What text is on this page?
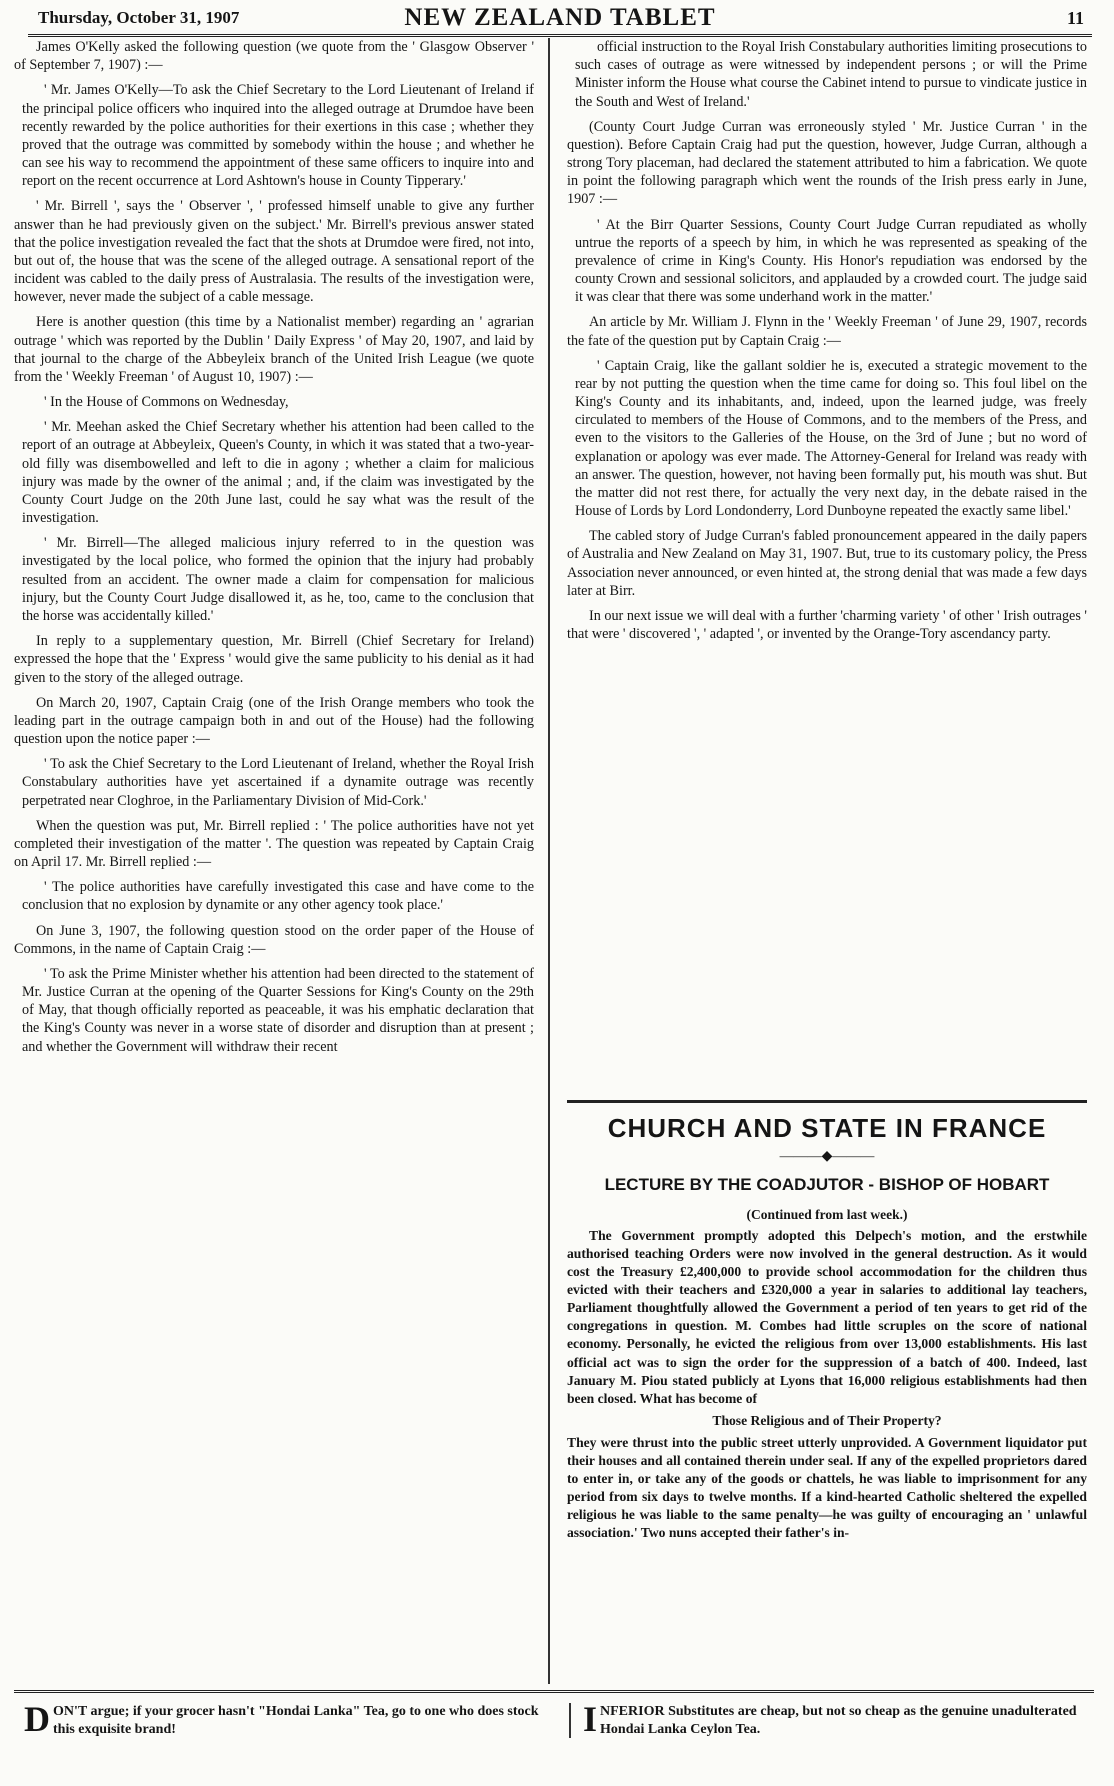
Thursday, October 31, 1907	NEW ZEALAND TABLET	11

James O'Kelly asked the following question (we quote from the ' Glasgow Observer ' of September 7, 1907) :—

' Mr. James O'Kelly—To ask the Chief Secretary to the Lord Lieutenant of Ireland if the principal police officers who inquired into the alleged outrage at Drumdoe have been recently rewarded by the police authorities for their exertions in this case ; whether they proved that the outrage was committed by somebody within the house ; and whether he can see his way to recommend the appointment of these same officers to inquire into and report on the recent occurrence at Lord Ashtown's house in County Tipperary.'

' Mr. Birrell ', says the ' Observer ', ' professed himself unable to give any further answer than he had previously given on the subject.' Mr. Birrell's previous answer stated that the police investigation revealed the fact that the shots at Drumdoe were fired, not into, but out of, the house that was the scene of the alleged outrage. A sensational report of the incident was cabled to the daily press of Australasia. The results of the investigation were, however, never made the subject of a cable message.

Here is another question (this time by a Nationalist member) regarding an ' agrarian outrage ' which was reported by the Dublin ' Daily Express ' of May 20, 1907, and laid by that journal to the charge of the Abbeyleix branch of the United Irish League (we quote from the ' Weekly Freeman ' of August 10, 1907) :—

' In the House of Commons on Wednesday,

' Mr. Meehan asked the Chief Secretary whether his attention had been called to the report of an outrage at Abbeyleix, Queen's County, in which it was stated that a two-year-old filly was disembowelled and left to die in agony ; whether a claim for malicious injury was made by the owner of the animal ; and, if the claim was investigated by the County Court Judge on the 20th June last, could he say what was the result of the investigation.

' Mr. Birrell—The alleged malicious injury referred to in the question was investigated by the local police, who formed the opinion that the injury had probably resulted from an accident. The owner made a claim for compensation for malicious injury, but the County Court Judge disallowed it, as he, too, came to the conclusion that the horse was accidentally killed.'

In reply to a supplementary question, Mr. Birrell (Chief Secretary for Ireland) expressed the hope that the ' Express ' would give the same publicity to his denial as it had given to the story of the alleged outrage.

On March 20, 1907, Captain Craig (one of the Irish Orange members who took the leading part in the outrage campaign both in and out of the House) had the following question upon the notice paper :—

' To ask the Chief Secretary to the Lord Lieutenant of Ireland, whether the Royal Irish Constabulary authorities have yet ascertained if a dynamite outrage was recently perpetrated near Cloghroe, in the Parliamentary Division of Mid-Cork.'

When the question was put, Mr. Birrell replied : ' The police authorities have not yet completed their investigation of the matter '. The question was repeated by Captain Craig on April 17. Mr. Birrell replied :—

' The police authorities have carefully investigated this case and have come to the conclusion that no explosion by dynamite or any other agency took place.'

On June 3, 1907, the following question stood on the order paper of the House of Commons, in the name of Captain Craig :—

' To ask the Prime Minister whether his attention had been directed to the statement of Mr. Justice Curran at the opening of the Quarter Sessions for King's County on the 29th of May, that though officially reported as peaceable, it was his emphatic declaration that the King's County was never in a worse state of disorder and disruption than at present ; and whether the Government will withdraw their recent

official instruction to the Royal Irish Constabulary authorities limiting prosecutions to such cases of outrage as were witnessed by independent persons ; or will the Prime Minister inform the House what course the Cabinet intend to pursue to vindicate justice in the South and West of Ireland.'

(County Court Judge Curran was erroneously styled ' Mr. Justice Curran ' in the question). Before Captain Craig had put the question, however, Judge Curran, although a strong Tory placeman, had declared the statement attributed to him a fabrication. We quote in point the following paragraph which went the rounds of the Irish press early in June, 1907 :—

' At the Birr Quarter Sessions, County Court Judge Curran repudiated as wholly untrue the reports of a speech by him, in which he was represented as speaking of the prevalence of crime in King's County. His Honor's repudiation was endorsed by the county Crown and sessional solicitors, and applauded by a crowded court. The judge said it was clear that there was some underhand work in the matter.'

An article by Mr. William J. Flynn in the ' Weekly Freeman ' of June 29, 1907, records the fate of the question put by Captain Craig :—

' Captain Craig, like the gallant soldier he is, executed a strategic movement to the rear by not putting the question when the time came for doing so. This foul libel on the King's County and its inhabitants, and, indeed, upon the learned judge, was freely circulated to members of the House of Commons, and to the members of the Press, and even to the visitors to the Galleries of the House, on the 3rd of June ; but no word of explanation or apology was ever made. The Attorney-General for Ireland was ready with an answer. The question, however, not having been formally put, his mouth was shut. But the matter did not rest there, for actually the very next day, in the debate raised in the House of Lords by Lord Londonderry, Lord Dunboyne repeated the exactly same libel.'

The cabled story of Judge Curran's fabled pronouncement appeared in the daily papers of Australia and New Zealand on May 31, 1907. But, true to its customary policy, the Press Association never announced, or even hinted at, the strong denial that was made a few days later at Birr.

In our next issue we will deal with a further 'charming variety ' of other ' Irish outrages ' that were ' discovered ', ' adapted ', or invented by the Orange-Tory ascendancy party.

CHURCH AND STATE IN FRANCE

———◆———

LECTURE BY THE COADJUTOR - BISHOP OF HOBART

(Continued from last week.)

The Government promptly adopted this Delpech's motion, and the erstwhile authorised teaching Orders were now involved in the general destruction. As it would cost the Treasury £2,400,000 to provide school accommodation for the children thus evicted with their teachers and £320,000 a year in salaries to additional lay teachers, Parliament thoughtfully allowed the Government a period of ten years to get rid of the congregations in question. M. Combes had little scruples on the score of national economy. Personally, he evicted the religious from over 13,000 establishments. His last official act was to sign the order for the suppression of a batch of 400. Indeed, last January M. Piou stated publicly at Lyons that 16,000 religious establishments had then been closed. What has become of

Those Religious and of Their Property?

They were thrust into the public street utterly unprovided. A Government liquidator put their houses and all contained therein under seal. If any of the expelled proprietors dared to enter in, or take any of the goods or chattels, he was liable to imprisonment for any period from six days to twelve months. If a kind-hearted Catholic sheltered the expelled religious he was liable to the same penalty—he was guilty of encouraging an ' unlawful association.' Two nuns accepted their father's in-

DON'T argue; if your grocer hasn't "Hondai Lanka" Tea, go to one who does stock this exquisite brand!	INFERIOR Substitutes are cheap, but not so cheap as the genuine unadulterated Hondai Lanka Ceylon Tea.
